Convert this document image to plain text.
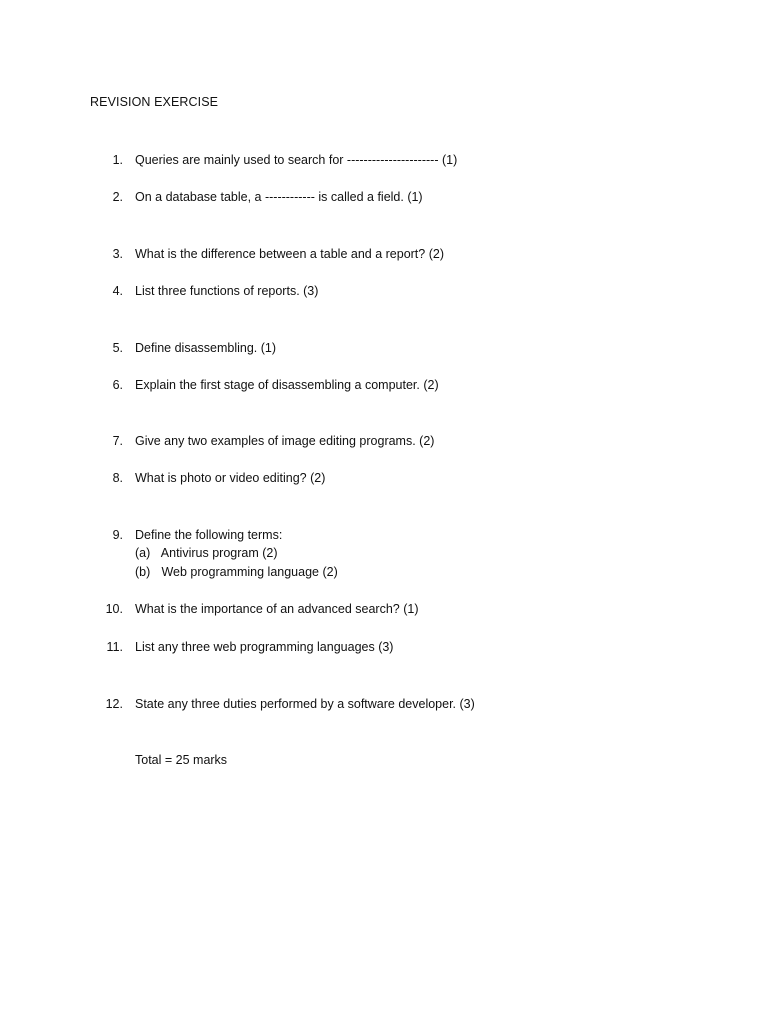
REVISION EXERCISE
1. Queries are mainly used to search for ---------------------- (1)
2. On a database table, a ------------ is called a field. (1)
3. What is the difference between a table and a report? (2)
4. List three functions of reports. (3)
5. Define disassembling. (1)
6. Explain the first stage of disassembling a computer. (2)
7. Give any two examples of image editing programs. (2)
8. What is photo or video editing? (2)
9. Define the following terms:
(a) Antivirus program (2)
(b) Web programming language (2)
10. What is the importance of an advanced search? (1)
11. List any three web programming languages (3)
12. State any three duties performed by a software developer. (3)
Total = 25 marks
